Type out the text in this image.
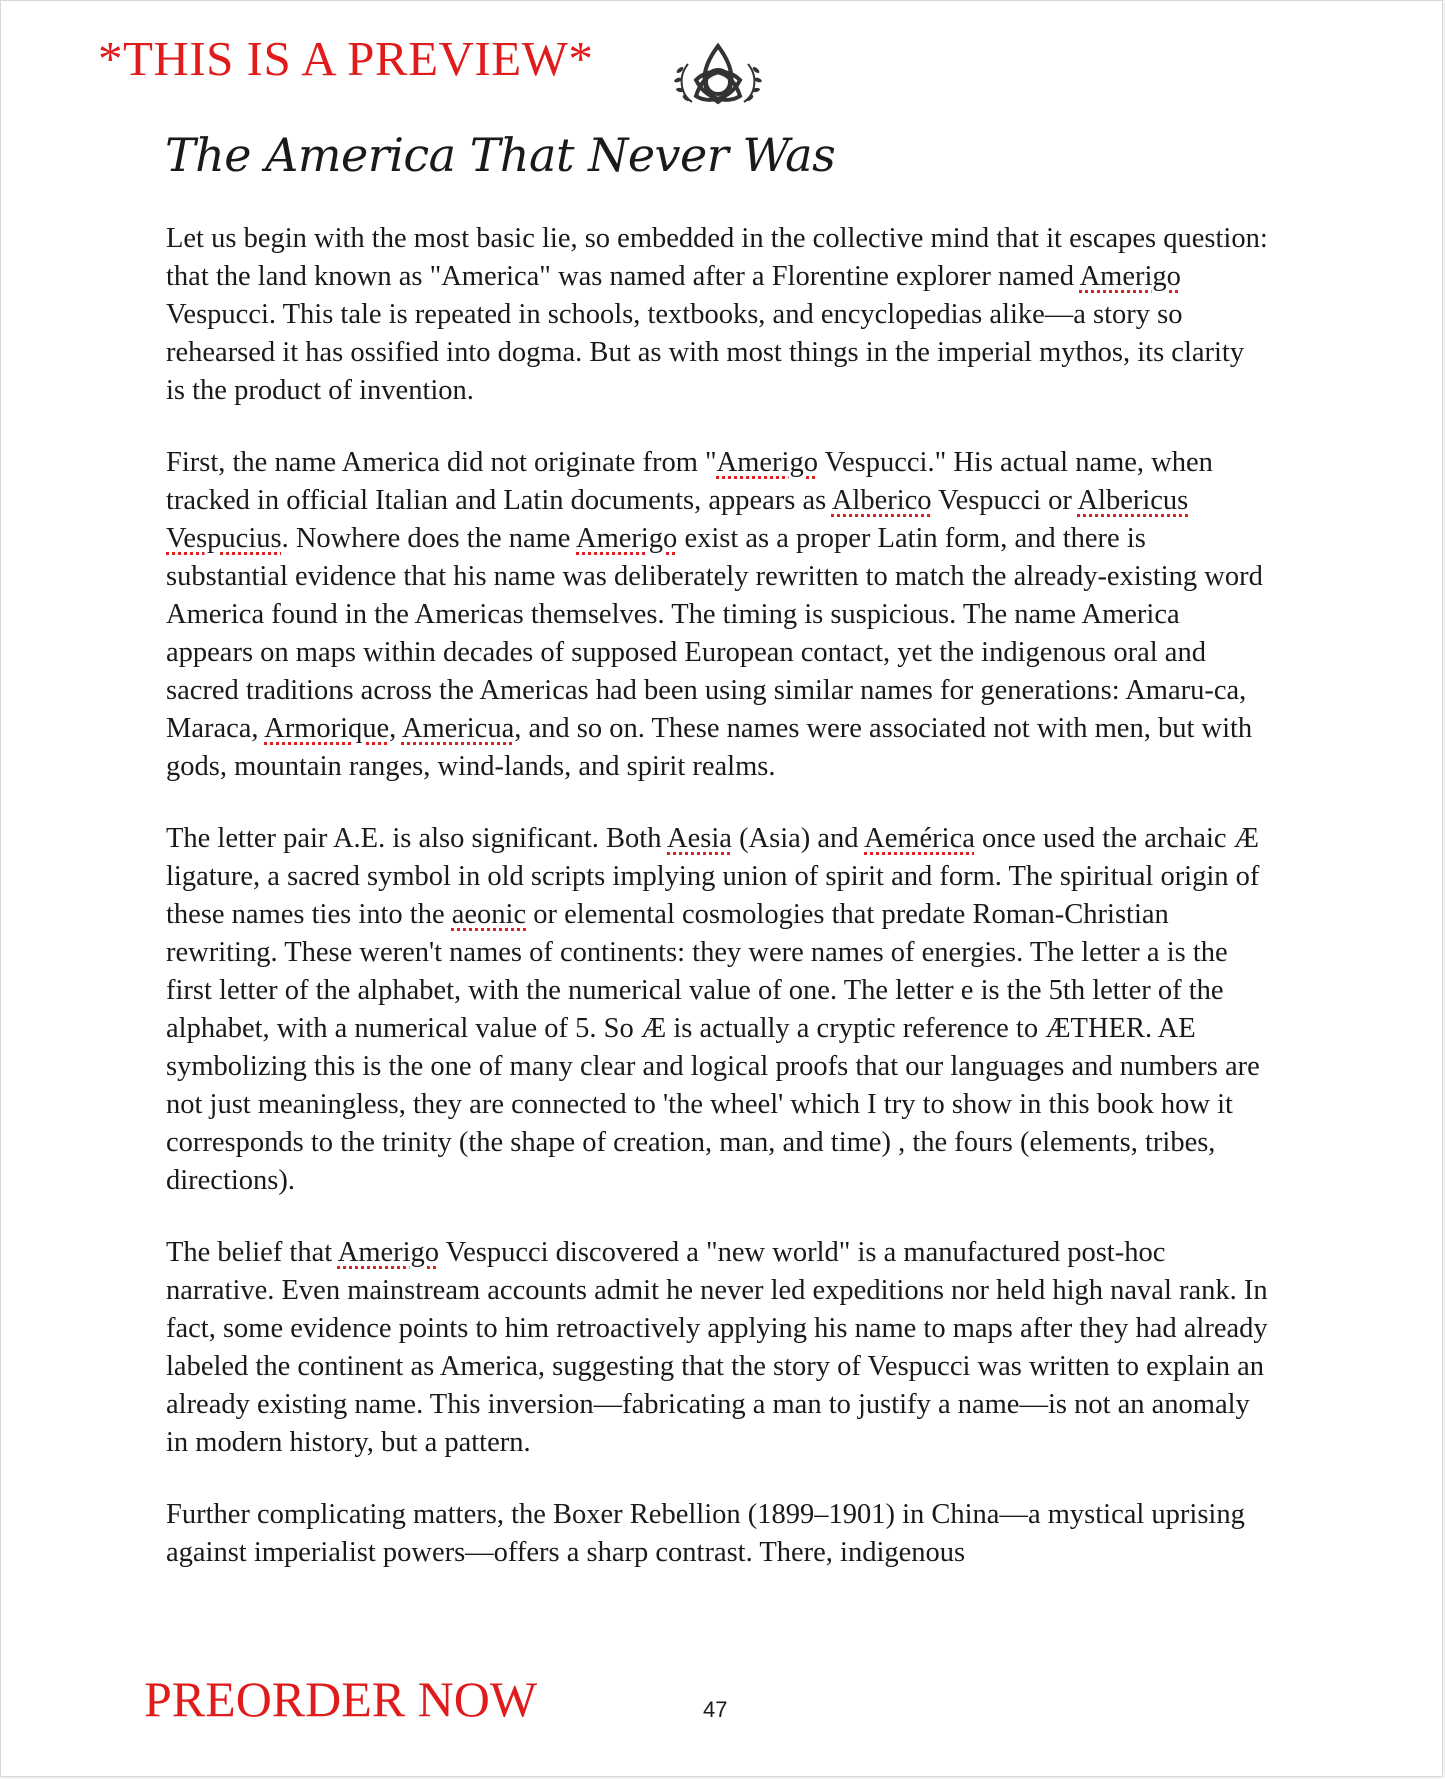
*THIS IS A PREVIEW*
The America That Never Was

Let us begin with the most basic lie, so embedded in the collective mind that it escapes question: that the land known as "America" was named after a Florentine explorer named Amerigo Vespucci. This tale is repeated in schools, textbooks, and encyclopedias alike—a story so rehearsed it has ossified into dogma. But as with most things in the imperial mythos, its clarity is the product of invention.

First, the name America did not originate from "Amerigo Vespucci." His actual name, when tracked in official Italian and Latin documents, appears as Alberico Vespucci or Albericus Vespucius. Nowhere does the name Amerigo exist as a proper Latin form, and there is substantial evidence that his name was deliberately rewritten to match the already-existing word America found in the Americas themselves. The timing is suspicious. The name America appears on maps within decades of supposed European contact, yet the indigenous oral and sacred traditions across the Americas had been using similar names for generations: Amaru-ca, Maraca, Armorique, Americua, and so on. These names were associated not with men, but with gods, mountain ranges, wind-lands, and spirit realms.

The letter pair A.E. is also significant. Both Aesia (Asia) and Aemérica once used the archaic Æ ligature, a sacred symbol in old scripts implying union of spirit and form. The spiritual origin of these names ties into the aeonic or elemental cosmologies that predate Roman-Christian rewriting. These weren't names of continents: they were names of energies. The letter a is the first letter of the alphabet, with the numerical value of one. The letter e is the 5th letter of the alphabet, with a numerical value of 5. So Æ is actually a cryptic reference to ÆTHER. AE symbolizing this is the one of many clear and logical proofs that our languages and numbers are not just meaningless, they are connected to 'the wheel' which I try to show in this book how it corresponds to the trinity (the shape of creation, man, and time) , the fours (elements, tribes, directions).

The belief that Amerigo Vespucci discovered a "new world" is a manufactured post-hoc narrative. Even mainstream accounts admit he never led expeditions nor held high naval rank. In fact, some evidence points to him retroactively applying his name to maps after they had already labeled the continent as America, suggesting that the story of Vespucci was written to explain an already existing name. This inversion—fabricating a man to justify a name—is not an anomaly in modern history, but a pattern.

Further complicating matters, the Boxer Rebellion (1899–1901) in China—a mystical uprising against imperialist powers—offers a sharp contrast. There, indigenous

PREORDER NOW	47
